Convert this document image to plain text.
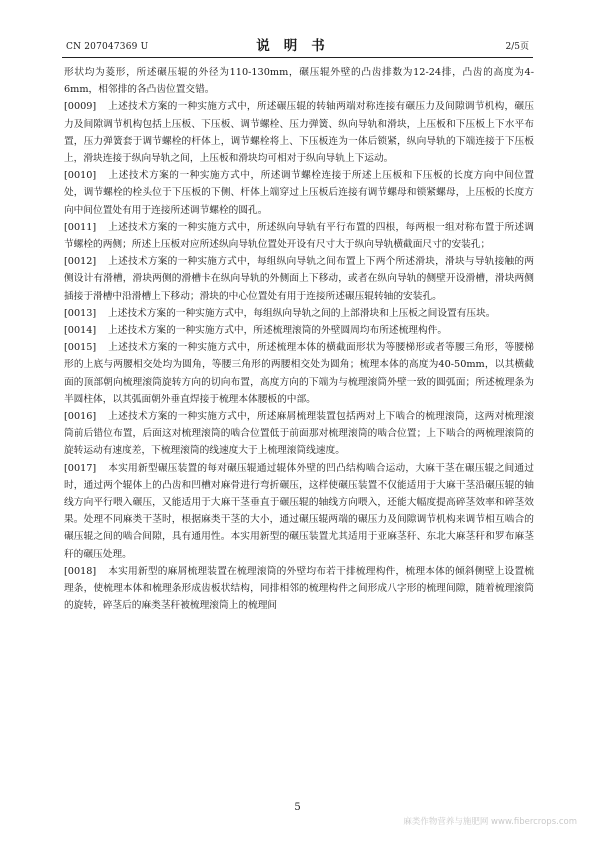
CN 207047369 U	说明书	2/5页

形状均为菱形，所述碾压辊的外径为110-130mm，碾压辊外壁的凸齿排数为12-24排，凸齿的高度为4-6mm，相邻排的各凸齿位置交错。

[0009] 上述技术方案的一种实施方式中，所述碾压辊的转轴两端对称连接有碾压力及间隙调节机构，碾压力及间隙调节机构包括上压板、下压板、调节螺栓、压力弹簧、纵向导轨和滑块，上压板和下压板上下水平布置，压力弹簧套于调节螺栓的杆体上，调节螺栓将上、下压板连为一体后锁紧，纵向导轨的下端连接于下压板上，滑块连接于纵向导轨之间，上压板和滑块均可相对于纵向导轨上下运动。

[0010] 上述技术方案的一种实施方式中，所述调节螺栓连接于所述上压板和下压板的长度方向中间位置处，调节螺栓的栓头位于下压板的下侧、杆体上端穿过上压板后连接有调节螺母和锁紧螺母，上压板的长度方向中间位置处有用于连接所述调节螺栓的圆孔。

[0011] 上述技术方案的一种实施方式中，所述纵向导轨有平行布置的四根，每两根一组对称布置于所述调节螺栓的两侧；所述上压板对应所述纵向导轨位置处开设有尺寸大于纵向导轨横截面尺寸的安装孔；

[0012] 上述技术方案的一种实施方式中，每组纵向导轨之间布置上下两个所述滑块，滑块与导轨接触的两侧设计有滑槽，滑块两侧的滑槽卡在纵向导轨的外侧面上下移动，或者在纵向导轨的侧壁开设滑槽，滑块两侧插接于滑槽中沿滑槽上下移动；滑块的中心位置处有用于连接所述碾压辊转轴的安装孔。

[0013] 上述技术方案的一种实施方式中，每组纵向导轨之间的上部滑块和上压板之间设置有压块。

[0014] 上述技术方案的一种实施方式中，所述梳理滚筒的外壁圆周均布所述梳理构件。

[0015] 上述技术方案的一种实施方式中，所述梳理本体的横截面形状为等腰梯形或者等腰三角形，等腰梯形的上底与两腰相交处均为圆角，等腰三角形的两腰相交处为圆角；梳理本体的高度为40-50mm，以其横截面的顶部朝向梳理滚筒旋转方向的切向布置，高度方向的下端为与梳理滚筒外壁一致的圆弧面；所述梳理条为半圆柱体，以其弧面朝外垂直焊接于梳理本体腰板的中部。

[0016] 上述技术方案的一种实施方式中，所述麻屑梳理装置包括两对上下啮合的梳理滚筒，这两对梳理滚筒前后错位布置，后面这对梳理滚筒的啮合位置低于前面那对梳理滚筒的啮合位置；上下啮合的两梳理滚筒的旋转运动有速度差，下梳理滚筒的线速度大于上梳理滚筒线速度。

[0017] 本实用新型碾压装置的每对碾压辊通过辊体外壁的凹凸结构啮合运动，大麻干茎在碾压辊之间通过时，通过两个辊体上的凸齿和凹槽对麻骨进行弯折碾压，这样使碾压装置不仅能适用于大麻干茎沿碾压辊的轴线方向平行喂入碾压，又能适用于大麻干茎垂直于碾压辊的轴线方向喂入，还能大幅度提高碎茎效率和碎茎效果。处理不同麻类干茎时，根据麻类干茎的大小，通过碾压辊两端的碾压力及间隙调节机构来调节相互啮合的碾压辊之间的啮合间隙，具有通用性。本实用新型的碾压装置尤其适用于亚麻茎秆、东北大麻茎秆和罗布麻茎秆的碾压处理。

[0018] 本实用新型的麻屑梳理装置在梳理滚筒的外壁均布若干排梳理构件，梳理本体的倾斜侧壁上设置梳理条，使梳理本体和梳理条形成齿板状结构，同排相邻的梳理构件之间形成八字形的梳理间隙，随着梳理滚筒的旋转，碎茎后的麻类茎秆被梳理滚筒上的梳理间

5
麻类作物营养与施肥网 www.fibercrops.com
